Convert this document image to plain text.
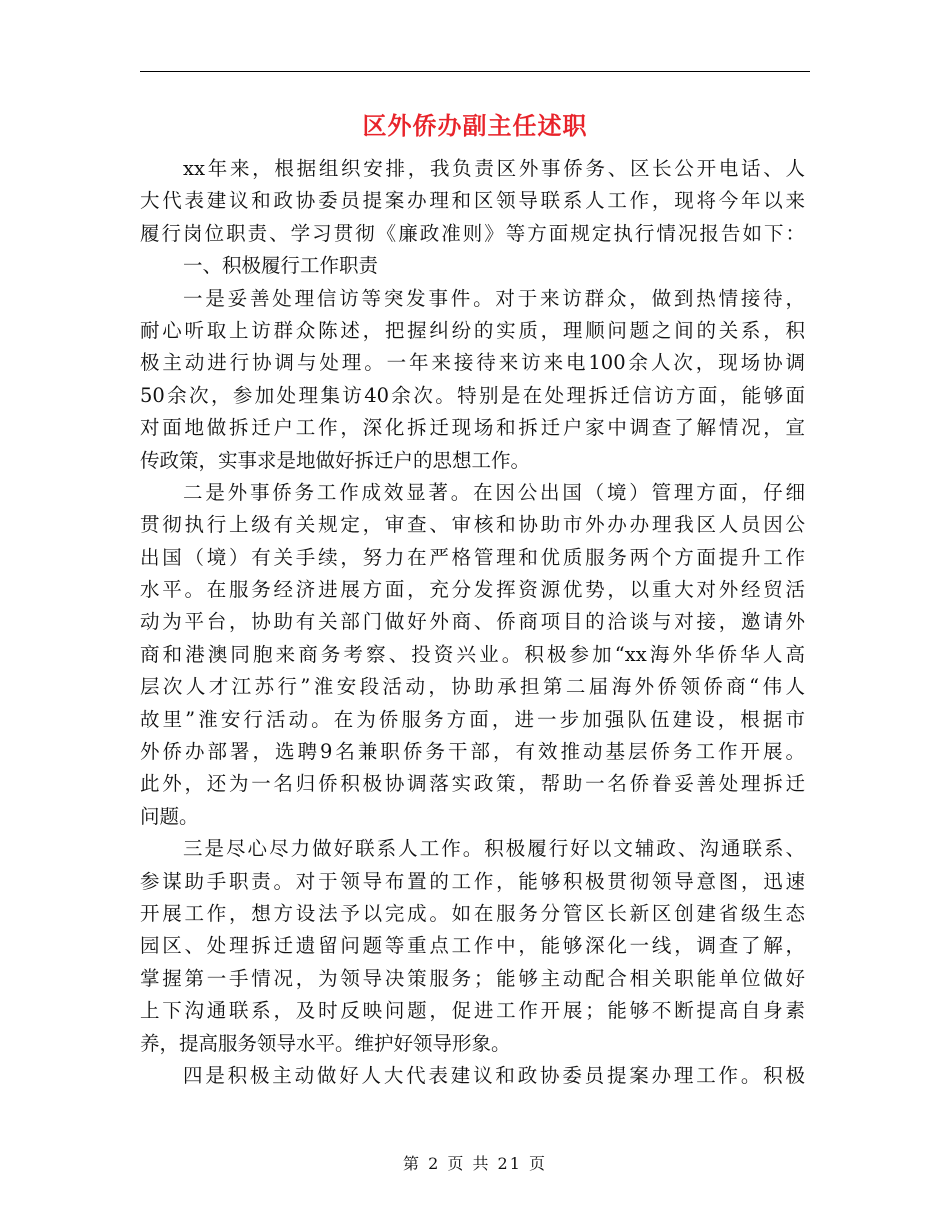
区外侨办副主任述职
xx年来，根据组织安排，我负责区外事侨务、区长公开电话、人
大代表建议和政协委员提案办理和区领导联系人工作，现将今年以来
履行岗位职责、学习贯彻《廉政准则》等方面规定执行情况报告如下：
一、积极履行工作职责
一是妥善处理信访等突发事件。对于来访群众，做到热情接待，
耐心听取上访群众陈述，把握纠纷的实质，理顺问题之间的关系，积
极主动进行协调与处理。一年来接待来访来电100余人次，现场协调
50余次，参加处理集访40余次。特别是在处理拆迁信访方面，能够面
对面地做拆迁户工作，深化拆迁现场和拆迁户家中调查了解情况，宣
传政策，实事求是地做好拆迁户的思想工作。
二是外事侨务工作成效显著。在因公出国（境）管理方面，仔细
贯彻执行上级有关规定，审查、审核和协助市外办办理我区人员因公
出国（境）有关手续，努力在严格管理和优质服务两个方面提升工作
水平。在服务经济进展方面，充分发挥资源优势，以重大对外经贸活
动为平台，协助有关部门做好外商、侨商项目的洽谈与对接，邀请外
商和港澳同胞来商务考察、投资兴业。积极参加“xx海外华侨华人高
层次人才江苏行”淮安段活动，协助承担第二届海外侨领侨商“伟人
故里”淮安行活动。在为侨服务方面，进一步加强队伍建设，根据市
外侨办部署，选聘9名兼职侨务干部，有效推动基层侨务工作开展。
此外，还为一名归侨积极协调落实政策，帮助一名侨眷妥善处理拆迁
问题。
三是尽心尽力做好联系人工作。积极履行好以文辅政、沟通联系、
参谋助手职责。对于领导布置的工作，能够积极贯彻领导意图，迅速
开展工作，想方设法予以完成。如在服务分管区长新区创建省级生态
园区、处理拆迁遗留问题等重点工作中，能够深化一线，调查了解，
掌握第一手情况，为领导决策服务；能够主动配合相关职能单位做好
上下沟通联系，及时反映问题，促进工作开展；能够不断提高自身素
养，提高服务领导水平。维护好领导形象。
四是积极主动做好人大代表建议和政协委员提案办理工作。积极
第 2 页 共 21 页
